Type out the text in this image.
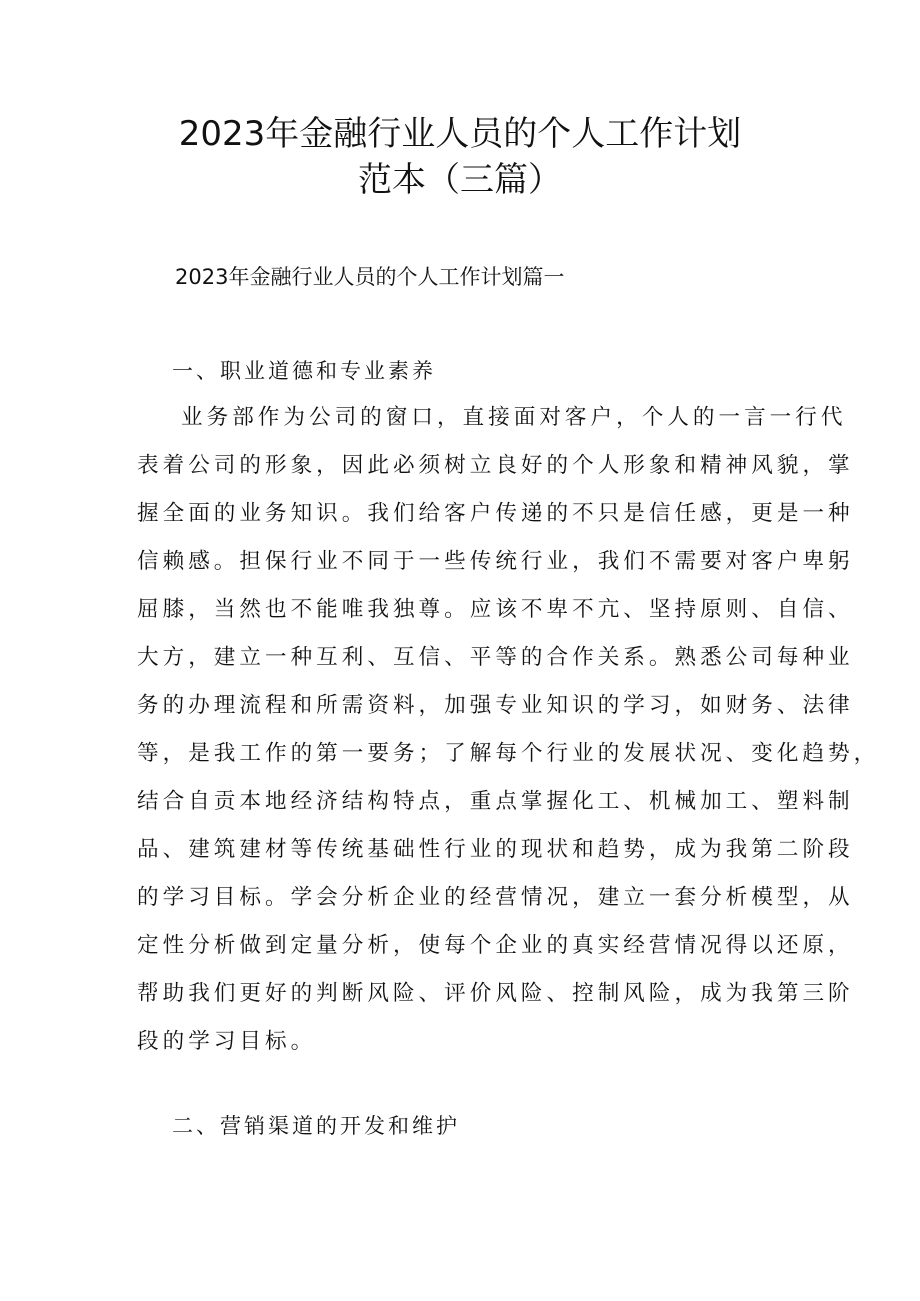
2023年金融行业人员的个人工作计划
范本（三篇）
2023年金融行业人员的个人工作计划篇一
一、职业道德和专业素养
业务部作为公司的窗口，直接面对客户，个人的一言一行代
表着公司的形象，因此必须树立良好的个人形象和精神风貌，掌
握全面的业务知识。我们给客户传递的不只是信任感，更是一种
信赖感。担保行业不同于一些传统行业，我们不需要对客户卑躬
屈膝，当然也不能唯我独尊。应该不卑不亢、坚持原则、自信、
大方，建立一种互利、互信、平等的合作关系。熟悉公司每种业
务的办理流程和所需资料，加强专业知识的学习，如财务、法律
等，是我工作的第一要务；了解每个行业的发展状况、变化趋势，
结合自贡本地经济结构特点，重点掌握化工、机械加工、塑料制
品、建筑建材等传统基础性行业的现状和趋势，成为我第二阶段
的学习目标。学会分析企业的经营情况，建立一套分析模型，从
定性分析做到定量分析，使每个企业的真实经营情况得以还原，
帮助我们更好的判断风险、评价风险、控制风险，成为我第三阶
段的学习目标。
二、营销渠道的开发和维护
